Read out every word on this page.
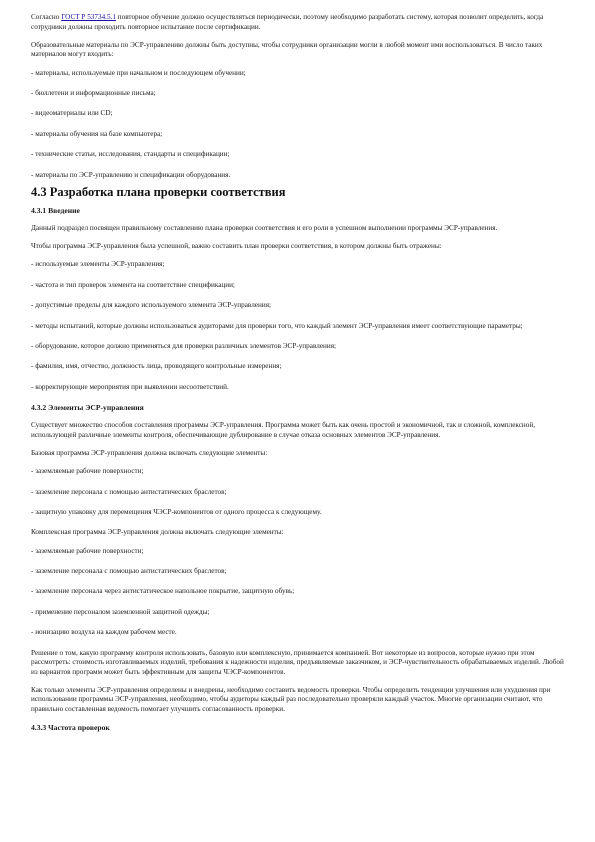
Согласно ГОСТ Р 53734.5.1 повторное обучение должно осуществляться периодически, поэтому необходимо разработать систему, которая позволит определить, когда сотрудники должны проходить повторное испытание после сертификации.

Образовательные материалы по ЭСР-управлению должны быть доступны, чтобы сотрудники организации могли в любой момент ими воспользоваться. В число таких материалов могут входить:

- материалы, используемые при начальном и последующем обучении;

- бюллетени и информационные письма;

- видеоматериалы или CD;

- материалы обучения на базе компьютера;

- технические статьи, исследования, стандарты и спецификации;

- материалы по ЭСР-управлению и спецификации оборудования.

4.3 Разработка плана проверки соответствия
4.3.1 Введение

Данный подраздел посвящен правильному составлению плана проверки соответствия и его роли в успешном выполнении программы ЭСР-управления.

Чтобы программа ЭСР-управления была успешной, важно составить план проверки соответствия, в котором должны быть отражены:

- используемые элементы ЭСР-управления;

- частота и тип проверок элемента на соответствие спецификации;

- допустимые пределы для каждого используемого элемента ЭСР-управления;

- методы испытаний, которые должны использоваться аудиторами для проверки того, что каждый элемент ЭСР-управления имеет соответствующие параметры;

- оборудование, которое должно применяться для проверки различных элементов ЭСР-управления;

- фамилия, имя, отчество, должность лица, проводящего контрольные измерения;

- корректирующие мероприятия при выявлении несоответствий.

4.3.2 Элементы ЭСР-управления

Существует множество способов составления программы ЭСР-управления. Программа может быть как очень простой и экономичной, так и сложной, комплексной, использующей различные элементы контроля, обеспечивающие дублирование в случае отказа основных элементов ЭСР-управления.

Базовая программа ЭСР-управления должна включать следующие элементы:

- заземляемые рабочие поверхности;

- заземление персонала с помощью антистатических браслетов;

- защитную упаковку для перемещения ЧЭСР-компонентов от одного процесса к следующему.

Комплексная программа ЭСР-управления должна включать следующие элементы:

- заземляемые рабочие поверхности;

- заземление персонала с помощью антистатических браслетов;

- заземление персонала через антистатическое напольное покрытие, защитную обувь;

- применение персоналом заземленной защитной одежды;

- ионизацию воздуха на каждом рабочем месте.

Решение о том, какую программу контроля использовать, базовую или комплексную, принимается компанией. Вот некоторые из вопросов, которые нужно при этом рассмотреть: стоимость изготавливаемых изделий, требования к надежности изделия, предъявляемые заказчиком, и ЭСР-чувствительность обрабатываемых изделий. Любой из вариантов программ может быть эффективным для защиты ЧЭСР-компонентов.

Как только элементы ЭСР-управления определены и внедрены, необходимо составить ведомость проверки. Чтобы определить тенденции улучшения или ухудшения при использовании программы ЭСР-управления, необходимо, чтобы аудиторы каждый раз последовательно проверяли каждый участок. Многие организации считают, что правильно составленная ведомость помогает улучшить согласованность проверки.

4.3.3 Частота проверок
